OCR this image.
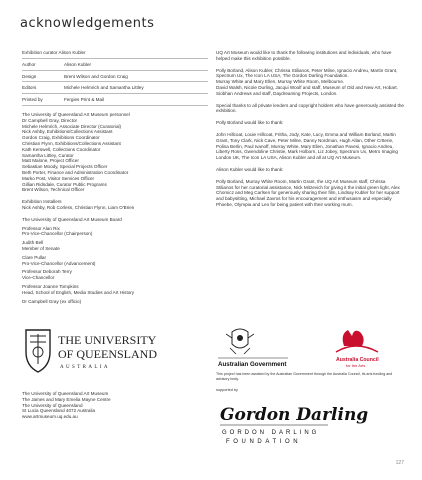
acknowledgements

Exhibition curator Alison Kubler

Author	Alison Kubler
Design	Brent Wilson and Gordon Craig
Editors	Michele Helmrich and Samantha Littley
Printed by	Fergies Print & Mail

The University of Queensland Art Museum personnel

Dr Campbell Gray, Director
Michele Helmrich, Associate Director (Curatorial)
Nick Ashby, Exhibitions/Collections Assistant
Gordon Craig, Exhibitions Coordinator
Christian Flynn, Exhibitions/Collections Assistant
Kath Kerswell, Collections Coordinator
Samantha Littley, Curator
Matt Malone, Project Officer
Sebastian Moody, Special Projects Officer
Beth Porter, Finance and Administration Coordinator
Marko Post, Visitor Services Officer
Gillian Ridsdale, Curator Public Programs
Brent Wilson, Technical Officer

Exhibition Installers

Nick Ashby, Rob Corless, Christian Flynn, Liam O'Brien

The University of Queensland Art Museum Board

Professor Alan Rix
Pro-Vice-Chancellor (Chairperson)
Judith Bell
Member of Senate
Clare Pullar
Pro-Vice-Chancellor (Advancement)
Professor Deborah Terry
Vice-Chancellor
Professor Joanne Tompkins
Head, School of English, Media Studies and Art History
Dr Campbell Gray (ex officio)
THE UNIVERSITY
OF QUEENSLAND
AUSTRALIA
The University of Queensland Art Museum
The James and Mary Emelia Mayne Centre
The University of Queensland
St Lucia Queensland 4072 Australia
www.artmuseum.uq.edu.au

UQ Art Museum would like to thank the following institutions and individuals, who have helped make this exhibition possible.

Polly Borland, Alison Kubler, Chrissa Stilianos, Peter Milne, Ignacio Andreu, Martin Grant, Spectrum Ux, The Icon LA USA, The Gordon Darling Foundation.
Murray White and Mary Ellen, Murray White Room, Melbourne.
David Walsh, Nicole Durling, Jacqui Woolf and staff, Museum of Old and New Art, Hobart.
Siobhan Andrews and staff, Daydreaming Projects, London.

Special thanks to all private lenders and copyright holders who have generously assisted the exhibition.

Polly Borland would like to thank:

John Hillcoat, Louie Hillcoat, Fritha, Jody, Kate, Lucy, Emma and William Borland, Martin Grant, Tony Clark, Nick Cave, Peter Milne, Danny Nordman, Hugh Allan, Other Crtterie, Polina Berlin, Paul Ivanoff, Murray White, Mary Ellen, Jonathan Pavesi, Ignacio Andreu, Liberty Ross, Gwendoline Christie, Mark Holborn, Liz Jobey, Spectrum Ux, Metro Imaging London UK, The Icon LA USA, Alison Kubler and all at UQ Art Museum.

Alison Kubler would like to thank:

Polly Borland, Murray White Room, Martin Grant, the UQ Art Museum staff, Chrissa Stilianos for her curatorial assistance, Nick Mitzevich for giving it the initial green light, Alex Chomicz and Meg Carlsen for generously sharing their film, Lindsay Kubler for her support and babysitting, Michael Zavros for his encouragement and enthusiasm and especially Phoebe, Olympia and Leo for being patient with their working mum.

Australian Government
Australia Council
for the Arts

This project has been assisted by the Australian Government through the Australia Council, its arts funding and advisory body.

supported by

Gordon Darling
GORDON DARLING
FOUNDATION
127
